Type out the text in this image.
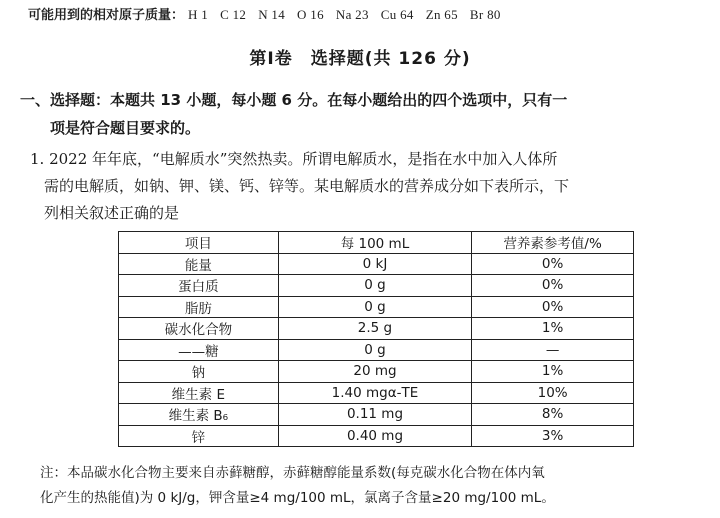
可能用到的相对原子质量： H 1 C 12 N 14 O 16 Na 23 Cu 64 Zn 65 Br 80
第Ⅰ卷　选择题(共 126 分)
一、选择题：本题共 13 小题，每小题 6 分。在每小题给出的四个选项中，只有一
项是符合题目要求的。
1. 2022 年年底，“电解质水”突然热卖。所谓电解质水，是指在水中加入人体所
需的电解质，如钠、钾、镁、钙、锌等。某电解质水的营养成分如下表所示，下
列相关叙述正确的是
项目	每 100 mL	营养素参考值/%
能量	0 kJ	0%
蛋白质	0 g	0%
脂肪	0 g	0%
碳水化合物	2.5 g	1%
——糖	0 g	—
钠	20 mg	1%
维生素 E	1.40 mgα-TE	10%
维生素 B₆	0.11 mg	8%
锌	0.40 mg	3%
注：本品碳水化合物主要来自赤藓糖醇，赤藓糖醇能量系数(每克碳水化合物在体内氧
化产生的热能值)为 0 kJ/g，钾含量≥4 mg/100 mL，氯离子含量≥20 mg/100 mL。
